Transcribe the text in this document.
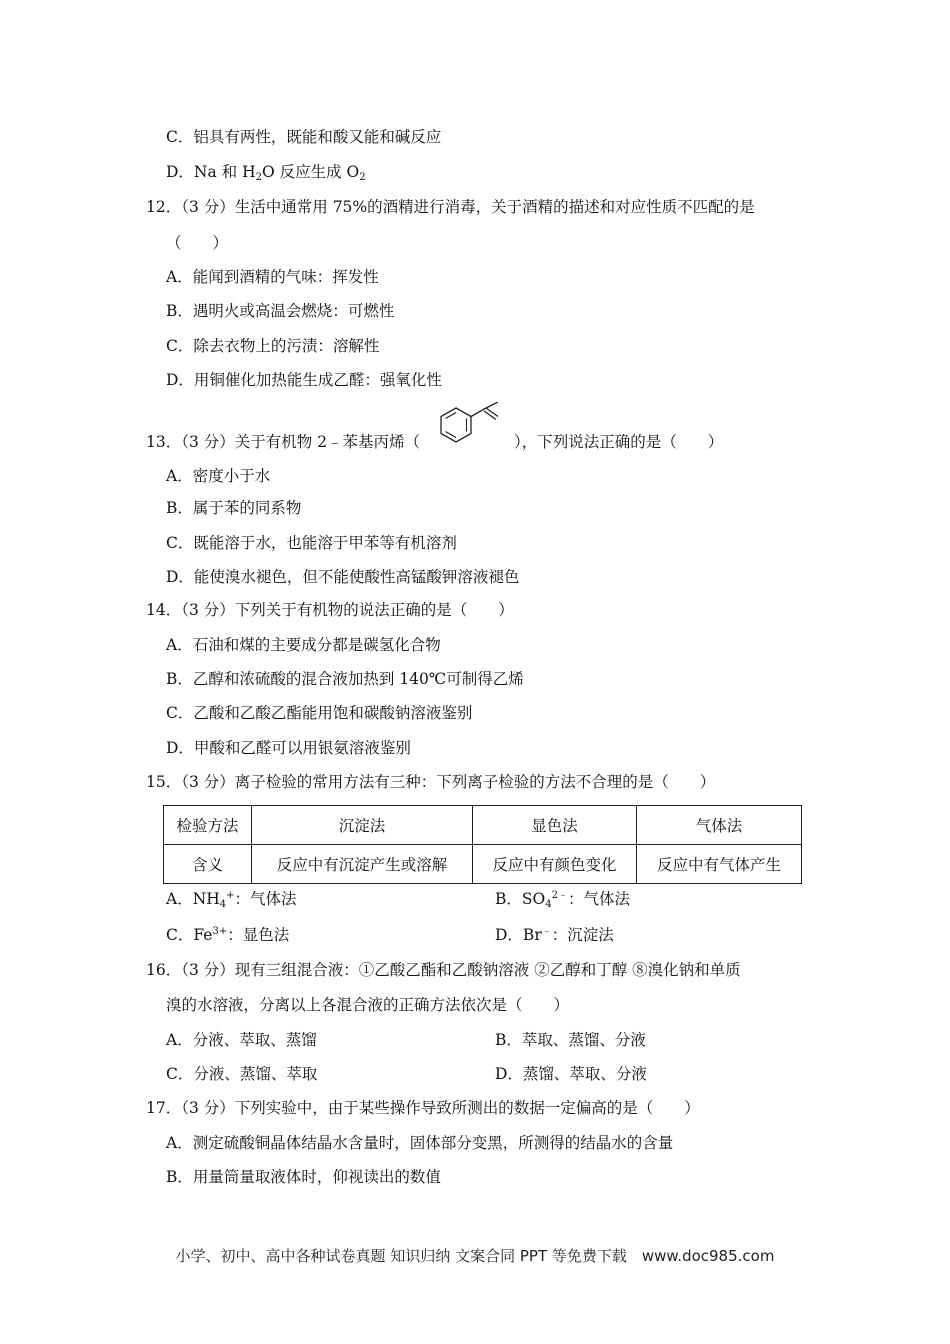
C．铝具有两性，既能和酸又能和碱反应
D．Na 和 $H_2O$ 反应生成 $O_2$
12．（3 分）生活中通常用 75%的酒精进行消毒，关于酒精的描述和对应性质不匹配的是
（　　）
A．能闻到酒精的气味：挥发性
B．遇明火或高温会燃烧：可燃性
C．除去衣物上的污渍：溶解性
D．用铜催化加热能生成乙醛：强氧化性
13．（3 分）关于有机物 2﹣苯基丙烯（	），下列说法正确的是（　　）
A．密度小于水
B．属于苯的同系物
C．既能溶于水，也能溶于甲苯等有机溶剂
D．能使溴水褪色，但不能使酸性高锰酸钾溶液褪色
14．（3 分）下列关于有机物的说法正确的是（　　）
A．石油和煤的主要成分都是碳氢化合物
B．乙醇和浓硫酸的混合液加热到 140℃可制得乙烯
C．乙酸和乙酸乙酯能用饱和碳酸钠溶液鉴别
D．甲酸和乙醛可以用银氨溶液鉴别
15．（3 分）离子检验的常用方法有三种：下列离子检验的方法不合理的是（　　）
检验方法	沉淀法	显色法	气体法
含义	反应中有沉淀产生或溶解	反应中有颜色变化	反应中有气体产生
A．$NH_4^+$：气体法	B．$SO_4^{2﹣}$：气体法
C．$Fe^{3+}$：显色法	D．Br﹣：沉淀法
16．（3 分）现有三组混合液：①乙酸乙酯和乙酸钠溶液 ②乙醇和丁醇 ⑧溴化钠和单质
溴的水溶液，分离以上各混合液的正确方法依次是（　　）
A．分液、萃取、蒸馏	B．萃取、蒸馏、分液
C．分液、蒸馏、萃取	D．蒸馏、萃取、分液
17．（3 分）下列实验中，由于某些操作导致所测出的数据一定偏高的是（　　）
A．测定硫酸铜晶体结晶水含量时，固体部分变黑，所测得的结晶水的含量
B．用量筒量取液体时，仰视读出的数值
小学、初中、高中各种试卷真题 知识归纳 文案合同 PPT 等免费下载　www.doc985.com
